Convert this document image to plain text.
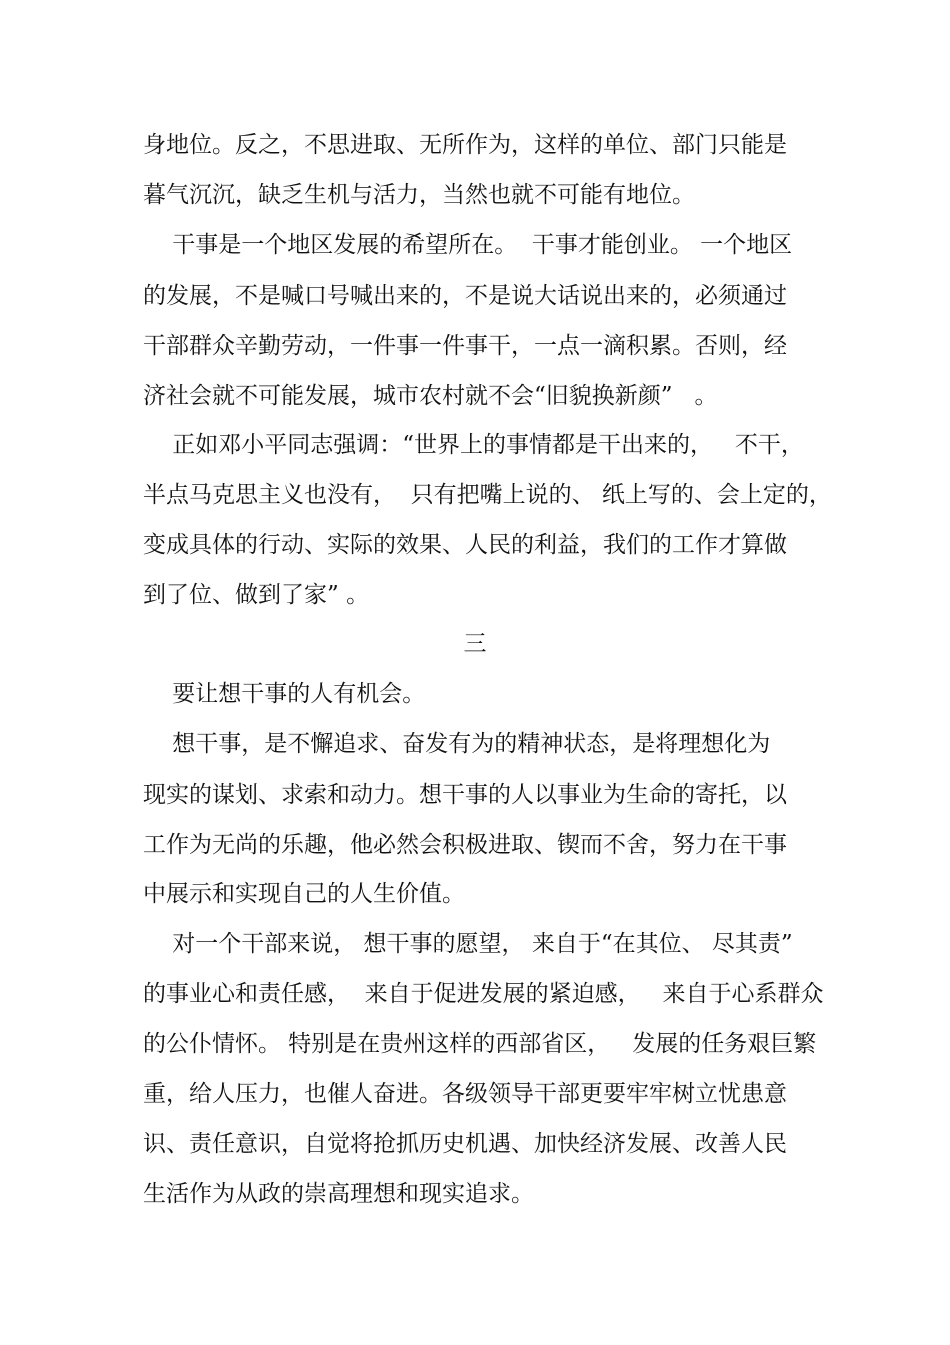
身地位。反之，不思进取、无所作为，这样的单位、部门只能是
暮气沉沉，缺乏生机与活力，当然也就不可能有地位。
干事是一个地区发展的希望所在。  干事才能创业。 一个地区
的发展，不是喊口号喊出来的，不是说大话说出来的，必须通过
干部群众辛勤劳动，一件事一件事干，一点一滴积累。否则，经
济社会就不可能发展，城市农村就不会“旧貌换新颜”   。
正如邓小平同志强调：“世界上的事情都是干出来的，   不干，
半点马克思主义也没有，  只有把嘴上说的、 纸上写的、会上定的，
变成具体的行动、实际的效果、人民的利益，我们的工作才算做
到了位、做到了家” 。
三
要让想干事的人有机会。
想干事，是不懈追求、奋发有为的精神状态，是将理想化为
现实的谋划、求索和动力。想干事的人以事业为生命的寄托，以
工作为无尚的乐趣，他必然会积极进取、锲而不舍，努力在干事
中展示和实现自己的人生价值。
对一个干部来说， 想干事的愿望， 来自于“在其位、 尽其责”
的事业心和责任感，  来自于促进发展的紧迫感，   来自于心系群众
的公仆情怀。 特别是在贵州这样的西部省区，   发展的任务艰巨繁
重，给人压力，也催人奋进。各级领导干部更要牢牢树立忧患意
识、责任意识，自觉将抢抓历史机遇、加快经济发展、改善人民
生活作为从政的崇高理想和现实追求。
